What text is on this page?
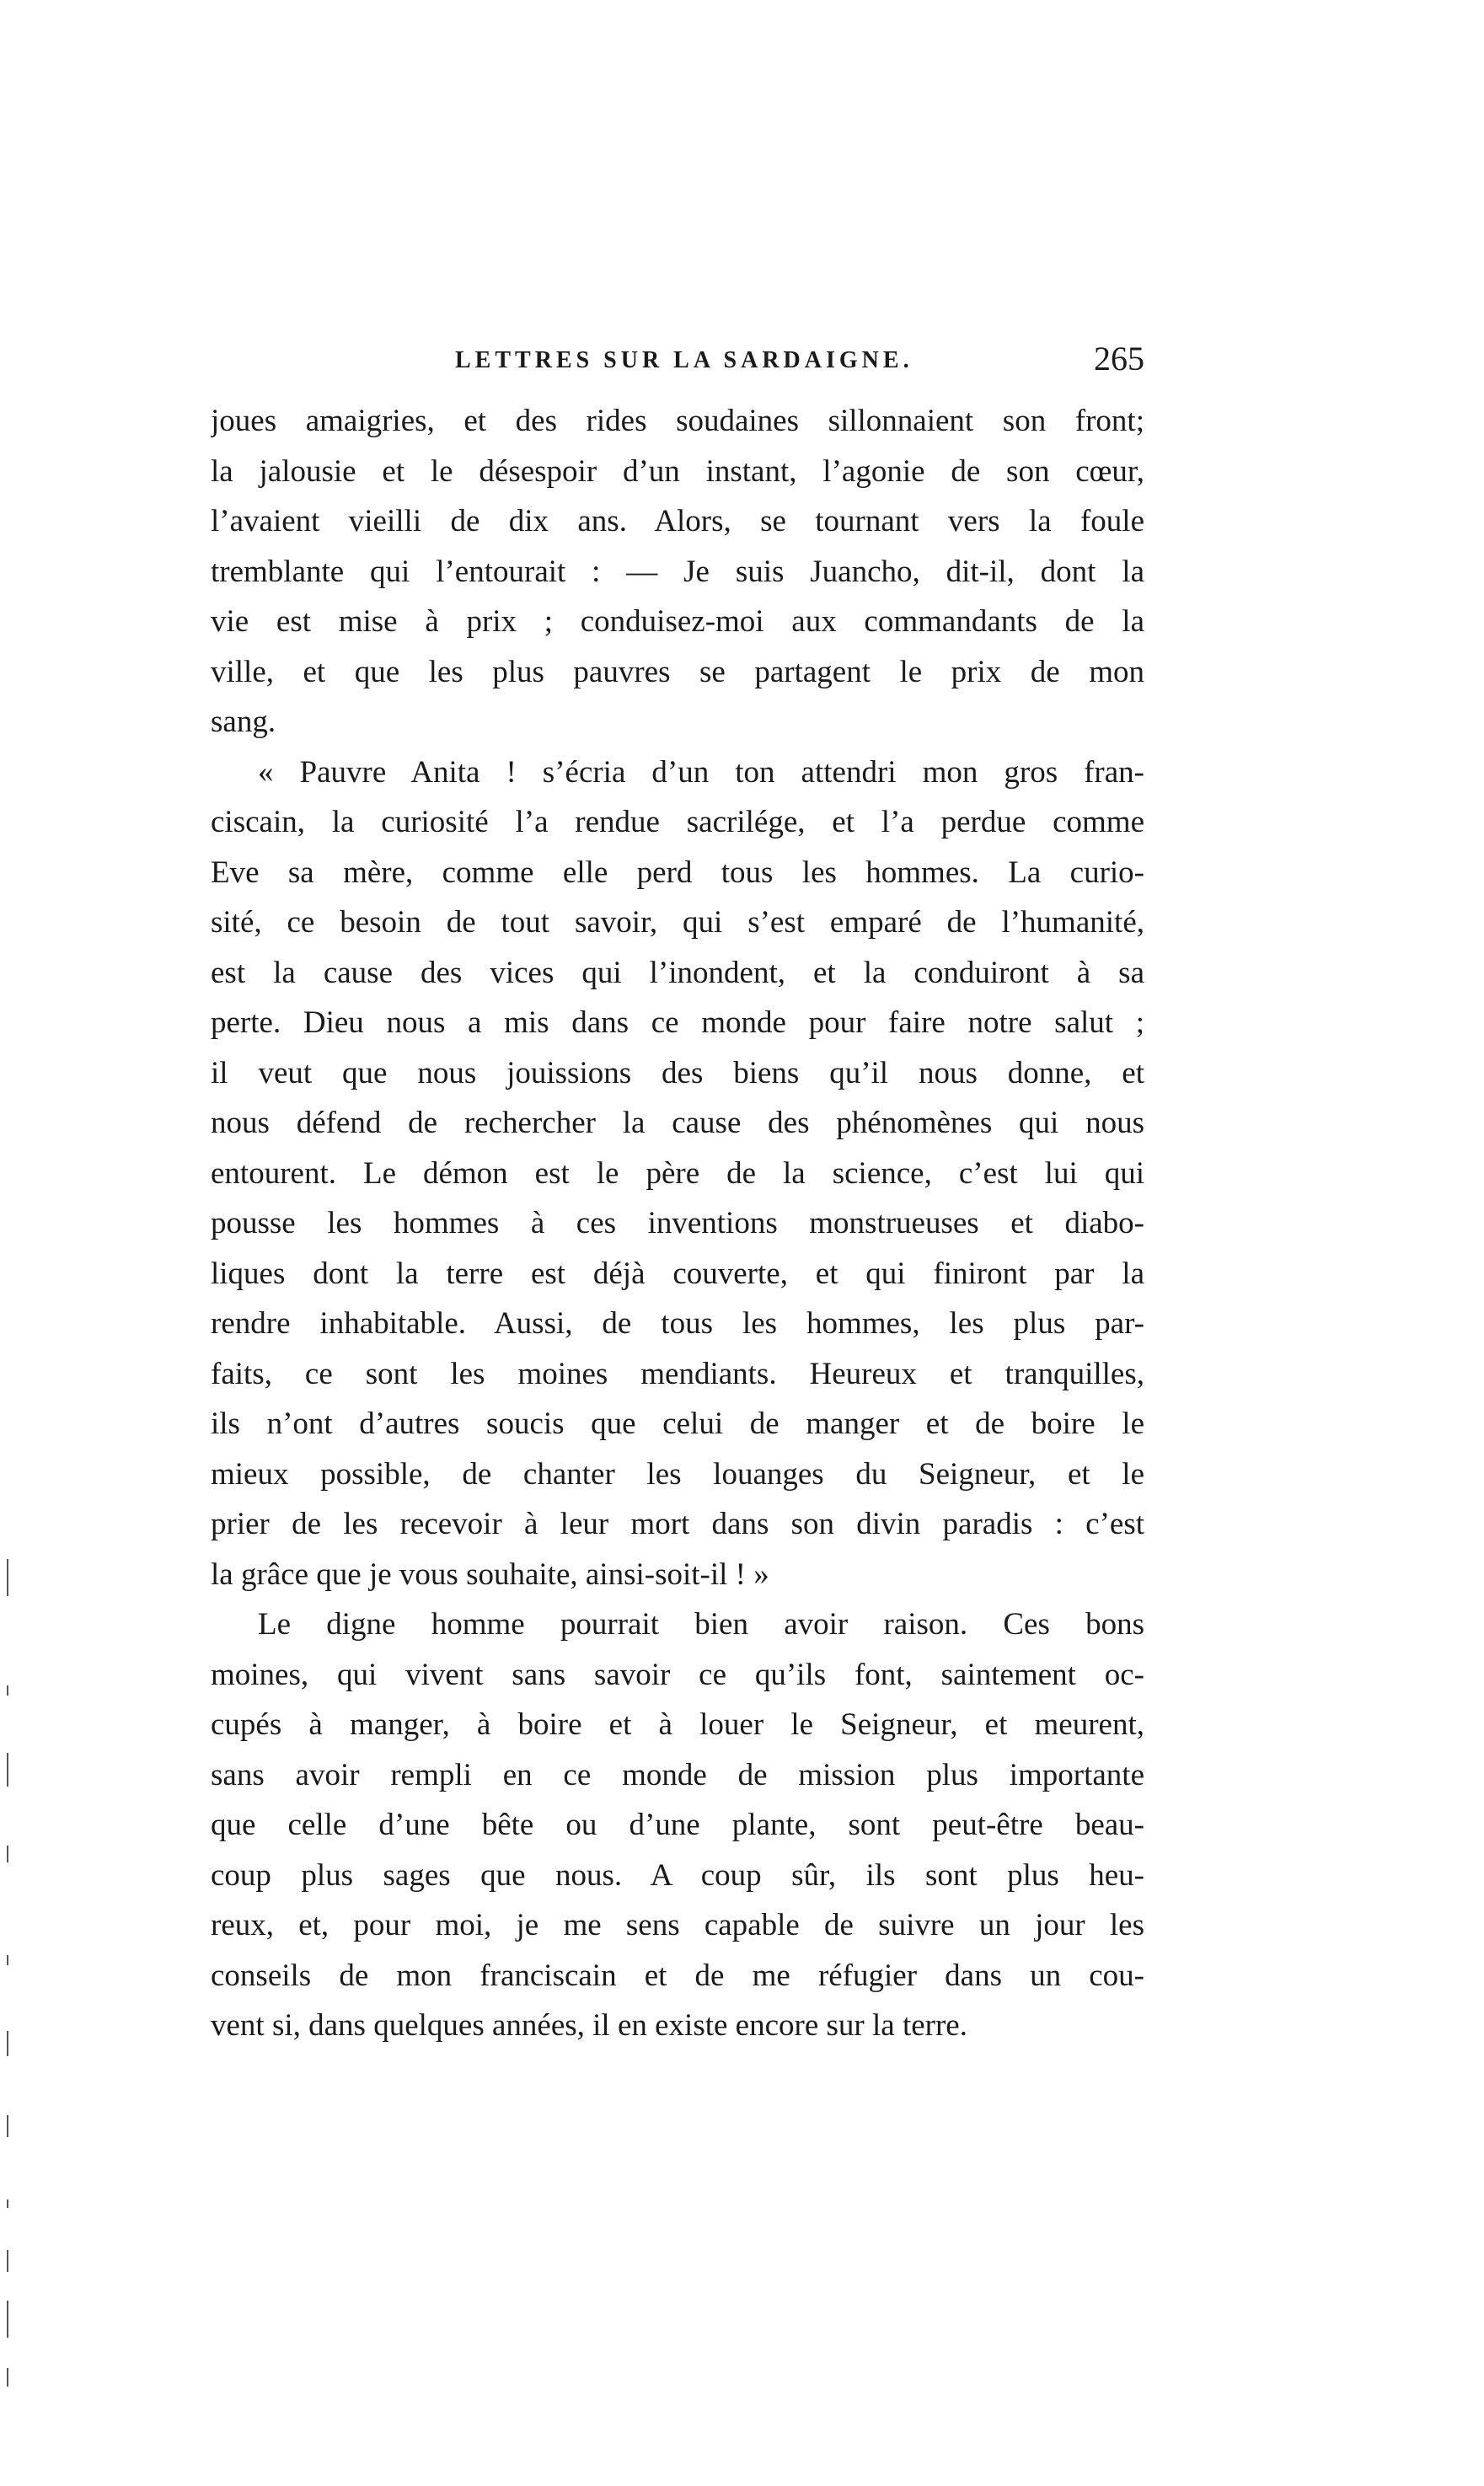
LETTRES SUR LA SARDAIGNE.	265
joues amaigries, et des rides soudaines sillonnaient son front;
la jalousie et le désespoir d’un instant, l’agonie de son cœur,
l’avaient vieilli de dix ans. Alors, se tournant vers la foule
tremblante qui l’entourait : — Je suis Juancho, dit-il, dont la
vie est mise à prix ; conduisez-moi aux commandants de la
ville, et que les plus pauvres se partagent le prix de mon
sang.
« Pauvre Anita ! s’écria d’un ton attendri mon gros fran-
ciscain, la curiosité l’a rendue sacrilége, et l’a perdue comme
Eve sa mère, comme elle perd tous les hommes. La curio-
sité, ce besoin de tout savoir, qui s’est emparé de l’humanité,
est la cause des vices qui l’inondent, et la conduiront à sa
perte. Dieu nous a mis dans ce monde pour faire notre salut ;
il veut que nous jouissions des biens qu’il nous donne, et
nous défend de rechercher la cause des phénomènes qui nous
entourent. Le démon est le père de la science, c’est lui qui
pousse les hommes à ces inventions monstrueuses et diabo-
liques dont la terre est déjà couverte, et qui finiront par la
rendre inhabitable. Aussi, de tous les hommes, les plus par-
faits, ce sont les moines mendiants. Heureux et tranquilles,
ils n’ont d’autres soucis que celui de manger et de boire le
mieux possible, de chanter les louanges du Seigneur, et le
prier de les recevoir à leur mort dans son divin paradis : c’est
la grâce que je vous souhaite, ainsi-soit-il ! »
Le digne homme pourrait bien avoir raison. Ces bons
moines, qui vivent sans savoir ce qu’ils font, saintement oc-
cupés à manger, à boire et à louer le Seigneur, et meurent,
sans avoir rempli en ce monde de mission plus importante
que celle d’une bête ou d’une plante, sont peut-être beau-
coup plus sages que nous. A coup sûr, ils sont plus heu-
reux, et, pour moi, je me sens capable de suivre un jour les
conseils de mon franciscain et de me réfugier dans un cou-
vent si, dans quelques années, il en existe encore sur la terre.
